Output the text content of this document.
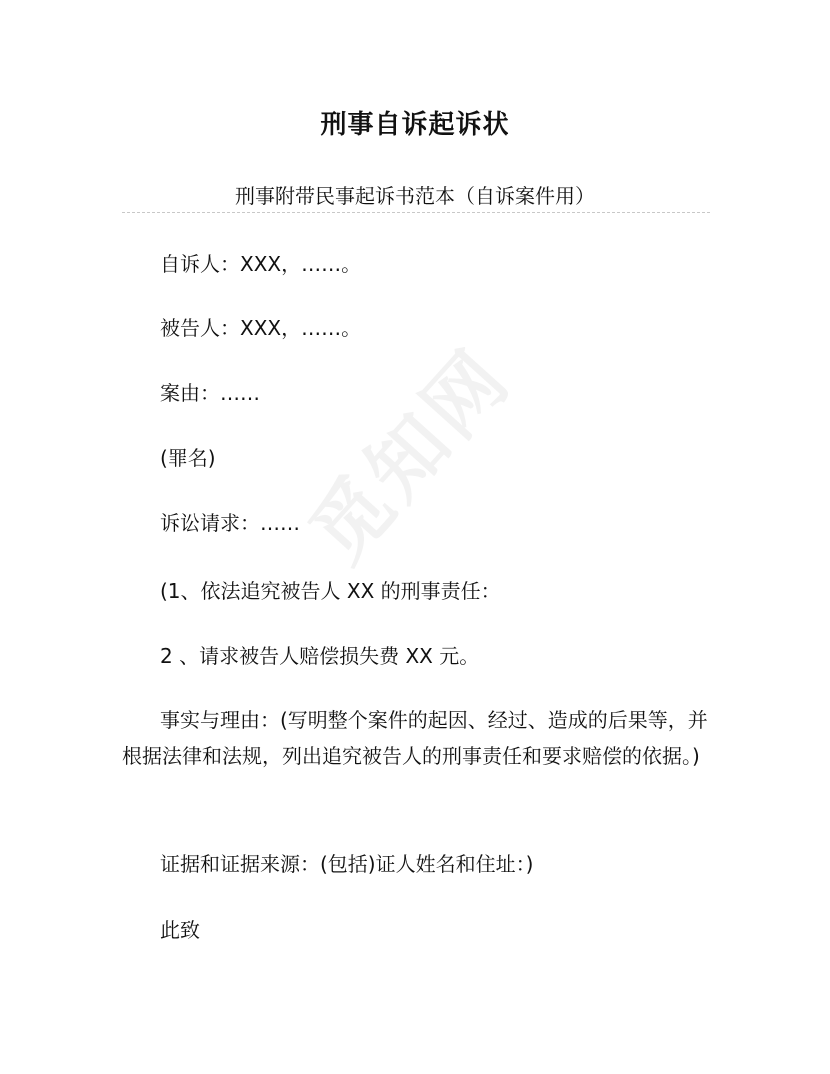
觅知网
刑事自诉起诉状
刑事附带民事起诉书范本（自诉案件用）
自诉人：XXX，……。
被告人：XXX，……。
案由：……
(罪名)
诉讼请求：……
(1、依法追究被告人 XX 的刑事责任：
2 、请求被告人赔偿损失费 XX 元。
事实与理由：(写明整个案件的起因、经过、造成的后果等，并根据法律和法规，列出追究被告人的刑事责任和要求赔偿的依据。)
证据和证据来源：(包括)证人姓名和住址：)
此致
